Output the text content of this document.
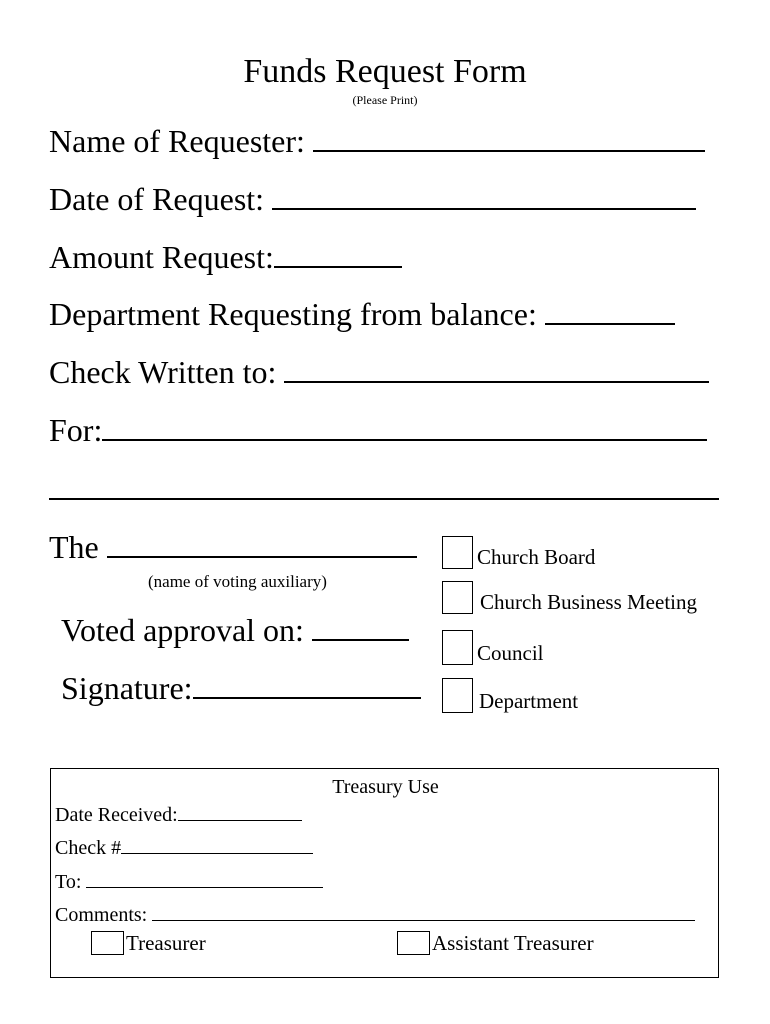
Funds Request Form
(Please Print)
Name of Requester:
Date of Request:
Amount Request:
Department Requesting from balance:
Check Written to:
For:
The
(name of voting auxiliary)
Voted approval on:
Signature:
Church Board
Church Business Meeting
Council
Department
Treasury Use
Date Received:
Check #
To:
Comments:
Treasurer	Assistant Treasurer
